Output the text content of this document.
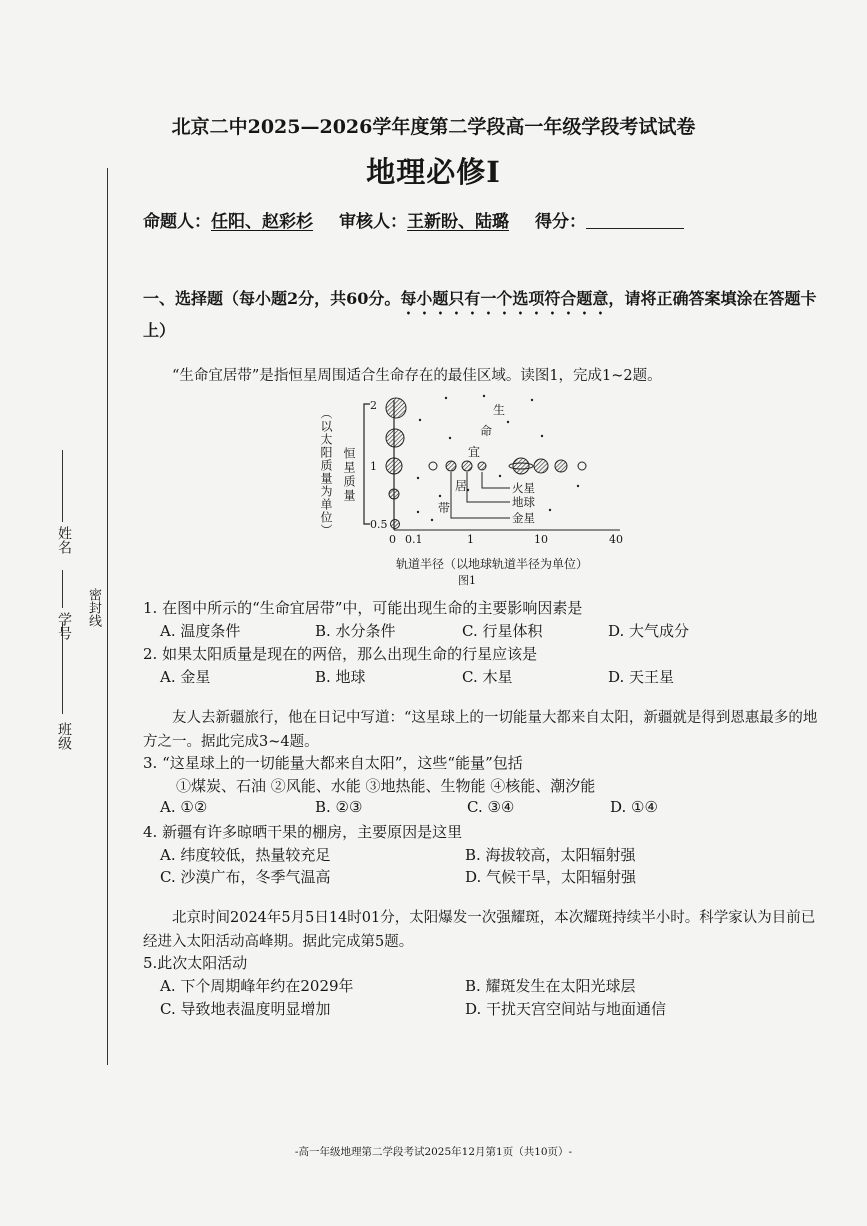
北京二中2025—2026学年度第二学段高一年级学段考试试卷
地理必修Ⅰ
命题人：任阳、赵彩杉 审核人：王新盼、陆璐 得分：
班级
学号
姓名
密封线
一、选择题（每小题2分，共60分。每小题只有一个选项符合题意，请将正确答案填涂在答题卡上）
“生命宜居带”是指恒星周围适合生命存在的最佳区域。读图1，完成1~2题。
（以太阳质量为单位） 恒星质量
2
1
0.5
0 0.1	1	10	40
生
命
宜
居
带
火星
地球
金星
轨道半径（以地球轨道半径为单位）
图1
1. 在图中所示的“生命宜居带”中，可能出现生命的主要影响因素是
A. 温度条件	B. 水分条件	C. 行星体积	D. 大气成分
2. 如果太阳质量是现在的两倍，那么出现生命的行星应该是
A. 金星	B. 地球	C. 木星	D. 天王星
友人去新疆旅行，他在日记中写道：“这星球上的一切能量大都来自太阳，新疆就是得到恩惠最多的地方之一。据此完成3~4题。
3. “这星球上的一切能量大都来自太阳”，这些“能量”包括
①煤炭、石油 ②风能、水能 ③地热能、生物能 ④核能、潮汐能
A. ①②	B. ②③	C. ③④	D. ①④
4. 新疆有许多晾晒干果的棚房，主要原因是这里
A. 纬度较低，热量较充足	B. 海拔较高，太阳辐射强
C. 沙漠广布，冬季气温高	D. 气候干旱，太阳辐射强
北京时间2024年5月5日14时01分，太阳爆发一次强耀斑，本次耀斑持续半小时。科学家认为目前已经进入太阳活动高峰期。据此完成第5题。
5.此次太阳活动
A. 下个周期峰年约在2029年	B. 耀斑发生在太阳光球层
C. 导致地表温度明显增加	D. 干扰天宫空间站与地面通信
-高一年级地理第二学段考试2025年12月第1页（共10页）-
